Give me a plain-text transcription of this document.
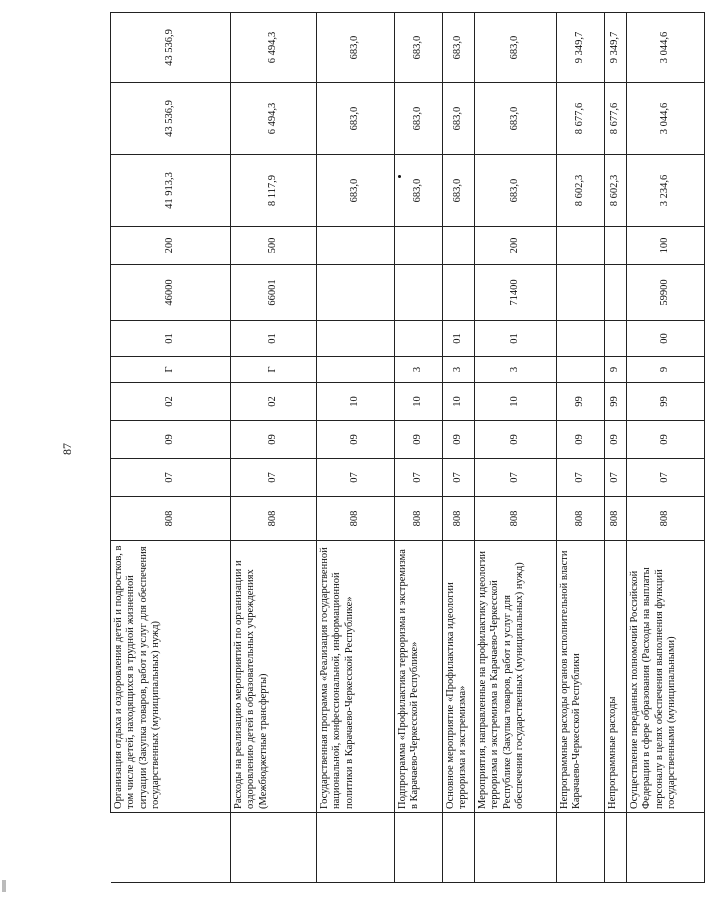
87
	Организация отдыха и оздоровления детей и подростков, в том числе детей, находящихся в трудной жизненной ситуации (Закупка товаров, работ и услуг для обеспечения государственных (муниципальных) нужд)	808	07	09	02	Г	01	46000	200	41 913,3	43 536,9	43 536,9
	Расходы на реализацию мероприятий по организации и оздоровлению детей в образовательных учреждениях (Межбюджетные трансферты)	808	07	09	02	Г	01	66001	500	8 117,9	6 494,3	6 494,3
	Государственная программа «Реализация государственной национальной, конфессиональной, информационной политики в Карачаево-Черкесской Республике»	808	07	09	10					683,0	683,0	683,0
	Подпрограмма «Профилактика терроризма и экстремизма в Карачаево-Черкесской Республике»	808	07	09	10	3				683,0	683,0	683,0
	Основное мероприятие «Профилактика идеологии терроризма и экстремизма»	808	07	09	10	3	01			683,0	683,0	683,0
	Мероприятия, направленные на профилактику идеологии терроризма и экстремизма в Карачаево-Черкесской Республике (Закупка товаров, работ и услуг для обеспечения государственных (муниципальных) нужд)	808	07	09	10	3	01	71400	200	683,0	683,0	683,0
	Непрограммные расходы органов исполнительной власти Карачаево-Черкесской Республики	808	07	09	99					8 602,3	8 677,6	9 349,7
	Непрограммные расходы	808	07	09	99	9				8 602,3	8 677,6	9 349,7
	Осуществление переданных полномочий Российской Федерации в сфере образования (Расходы на выплаты персоналу в целях обеспечения выполнения функций государственными (муниципальными)	808	07	09	99	9	00	59900	100	3 234,6	3 044,6	3 044,6
